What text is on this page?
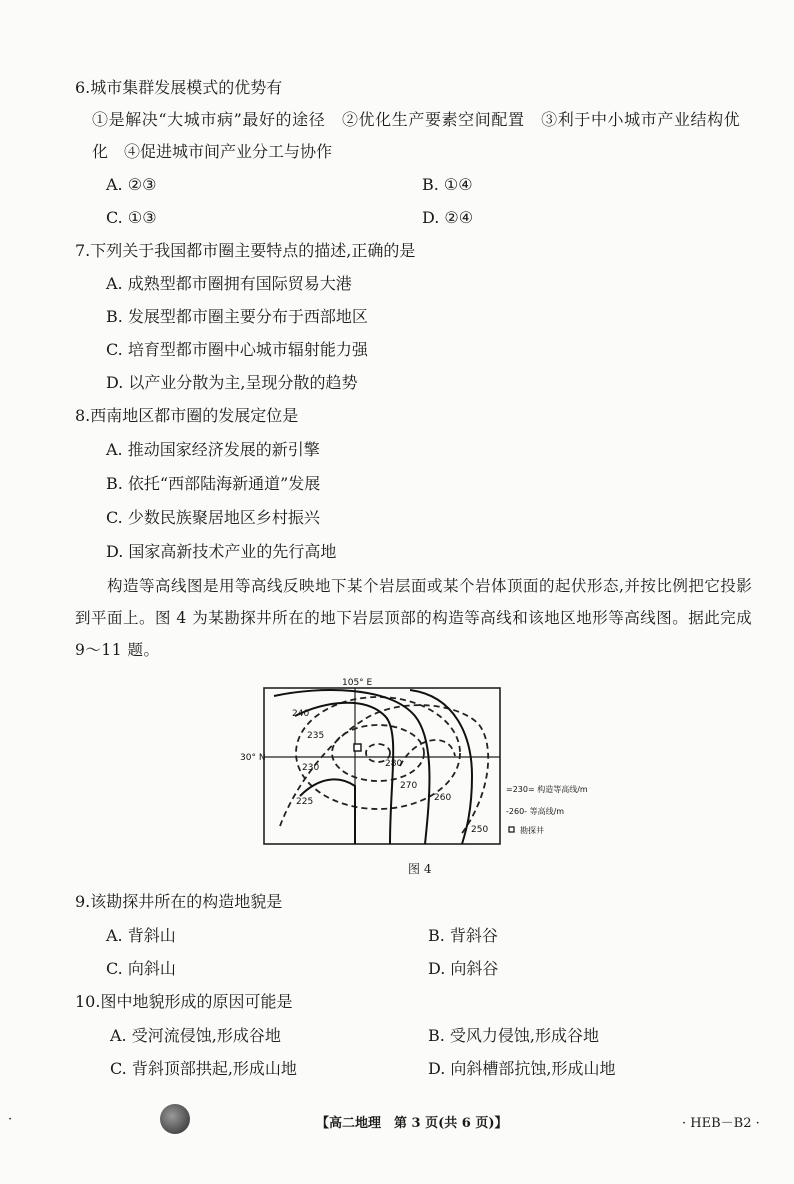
6.城市集群发展模式的优势有
①是解决“大城市病”最好的途径　②优化生产要素空间配置　③利于中小城市产业结构优
化　④促进城市间产业分工与协作
A. ②③	B. ①④
C. ①③	D. ②④
7.下列关于我国都市圈主要特点的描述,正确的是
A. 成熟型都市圈拥有国际贸易大港
B. 发展型都市圈主要分布于西部地区
C. 培育型都市圈中心城市辐射能力强
D. 以产业分散为主,呈现分散的趋势
8.西南地区都市圈的发展定位是
A. 推动国家经济发展的新引擎
B. 依托“西部陆海新通道”发展
C. 少数民族聚居地区乡村振兴
D. 国家高新技术产业的先行高地
构造等高线图是用等高线反映地下某个岩层面或某个岩体顶面的起伏形态,并按比例把它投影到平面上。图 4 为某勘探井所在的地下岩层顶部的构造等高线和该地区地形等高线图。据此完成 9～11 题。
105° E
30° N
240
235
230
225
280
270
260
250
=230= 构造等高线/m
-260- 等高线/m
勘探井
图 4
9.该勘探井所在的构造地貌是
A. 背斜山	B. 背斜谷
C. 向斜山	D. 向斜谷
10.图中地貌形成的原因可能是
A. 受河流侵蚀,形成谷地	B. 受风力侵蚀,形成谷地
C. 背斜顶部拱起,形成山地	D. 向斜槽部抗蚀,形成山地
·	【高二地理　第 3 页(共 6 页)】	· HEB－B2 ·
